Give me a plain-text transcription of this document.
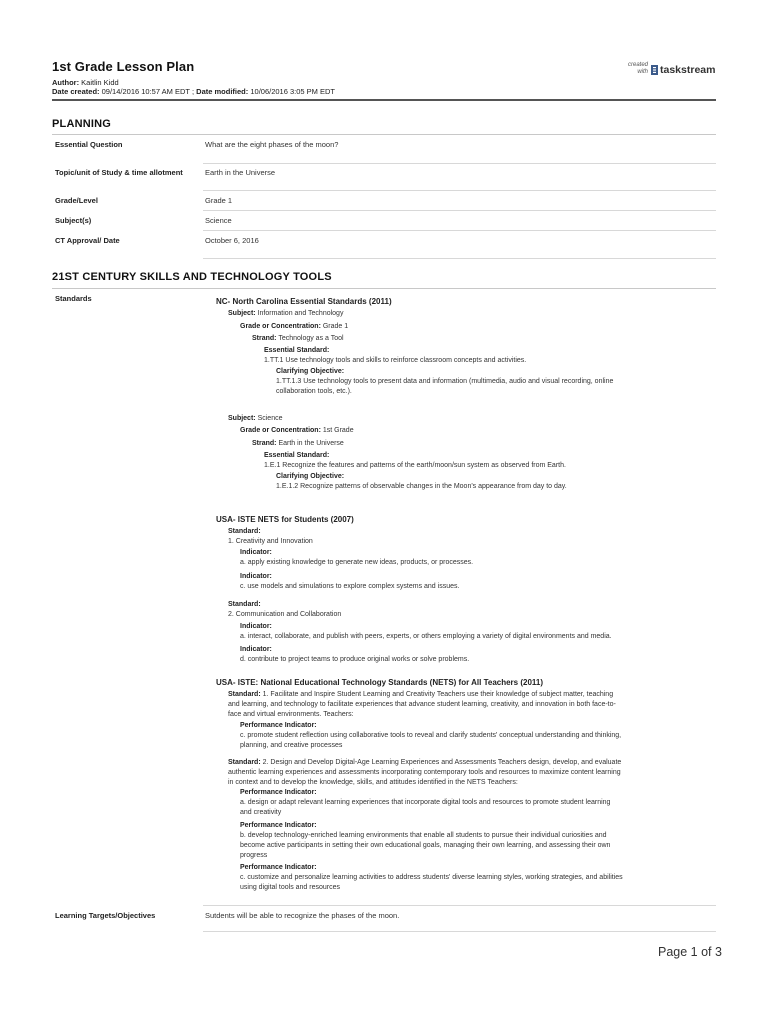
1st Grade Lesson Plan
Author: Kaitlin Kidd
Date created: 09/14/2016 10:57 AM EDT ; Date modified: 10/06/2016 3:05 PM EDT
created
with taskstream
PLANNING
Essential Question	What are the eight phases of the moon?
Topic/unit of Study & time allotment	Earth in the Universe
Grade/Level	Grade 1
Subject(s)	Science
CT Approval/ Date	October 6, 2016
21ST CENTURY SKILLS AND TECHNOLOGY TOOLS
Standards	NC- North Carolina Essential Standards (2011)
Subject: Information and Technology
Grade or Concentration: Grade 1
Strand: Technology as a Tool
Essential Standard:
1.TT.1 Use technology tools and skills to reinforce classroom concepts and activities.
Clarifying Objective:
1.TT.1.3 Use technology tools to present data and information (multimedia, audio and visual recording, online
collaboration tools, etc.).
Subject: Science
Grade or Concentration: 1st Grade
Strand: Earth in the Universe
Essential Standard:
1.E.1 Recognize the features and patterns of the earth/moon/sun system as observed from Earth.
Clarifying Objective:
1.E.1.2 Recognize patterns of observable changes in the Moon's appearance from day to day.
USA- ISTE NETS for Students (2007)
Standard:
1. Creativity and Innovation
Indicator:
a. apply existing knowledge to generate new ideas, products, or processes.
Indicator:
c. use models and simulations to explore complex systems and issues.
Standard:
2. Communication and Collaboration
Indicator:
a. interact, collaborate, and publish with peers, experts, or others employing a variety of digital environments and media.
Indicator:
d. contribute to project teams to produce original works or solve problems.
USA- ISTE: National Educational Technology Standards (NETS) for All Teachers (2011)
Standard: 1. Facilitate and Inspire Student Learning and Creativity Teachers use their knowledge of subject matter, teaching
and learning, and technology to facilitate experiences that advance student learning, creativity, and innovation in both face-to-
face and virtual environments. Teachers:
Performance Indicator:
c. promote student reflection using collaborative tools to reveal and clarify students' conceptual understanding and thinking,
planning, and creative processes
Standard: 2. Design and Develop Digital-Age Learning Experiences and Assessments Teachers design, develop, and evaluate
authentic learning experiences and assessments incorporating contemporary tools and resources to maximize content learning
in context and to develop the knowledge, skills, and attitudes identified in the NETS Teachers:
Performance Indicator:
a. design or adapt relevant learning experiences that incorporate digital tools and resources to promote student learning
and creativity
Performance Indicator:
b. develop technology-enriched learning environments that enable all students to pursue their individual curiosities and
become active participants in setting their own educational goals, managing their own learning, and assessing their own
progress
Performance Indicator:
c. customize and personalize learning activities to address students' diverse learning styles, working strategies, and abilities
using digital tools and resources
Learning Targets/Objectives	Sutdents will be able to recognize the phases of the moon.
Page 1 of 3
